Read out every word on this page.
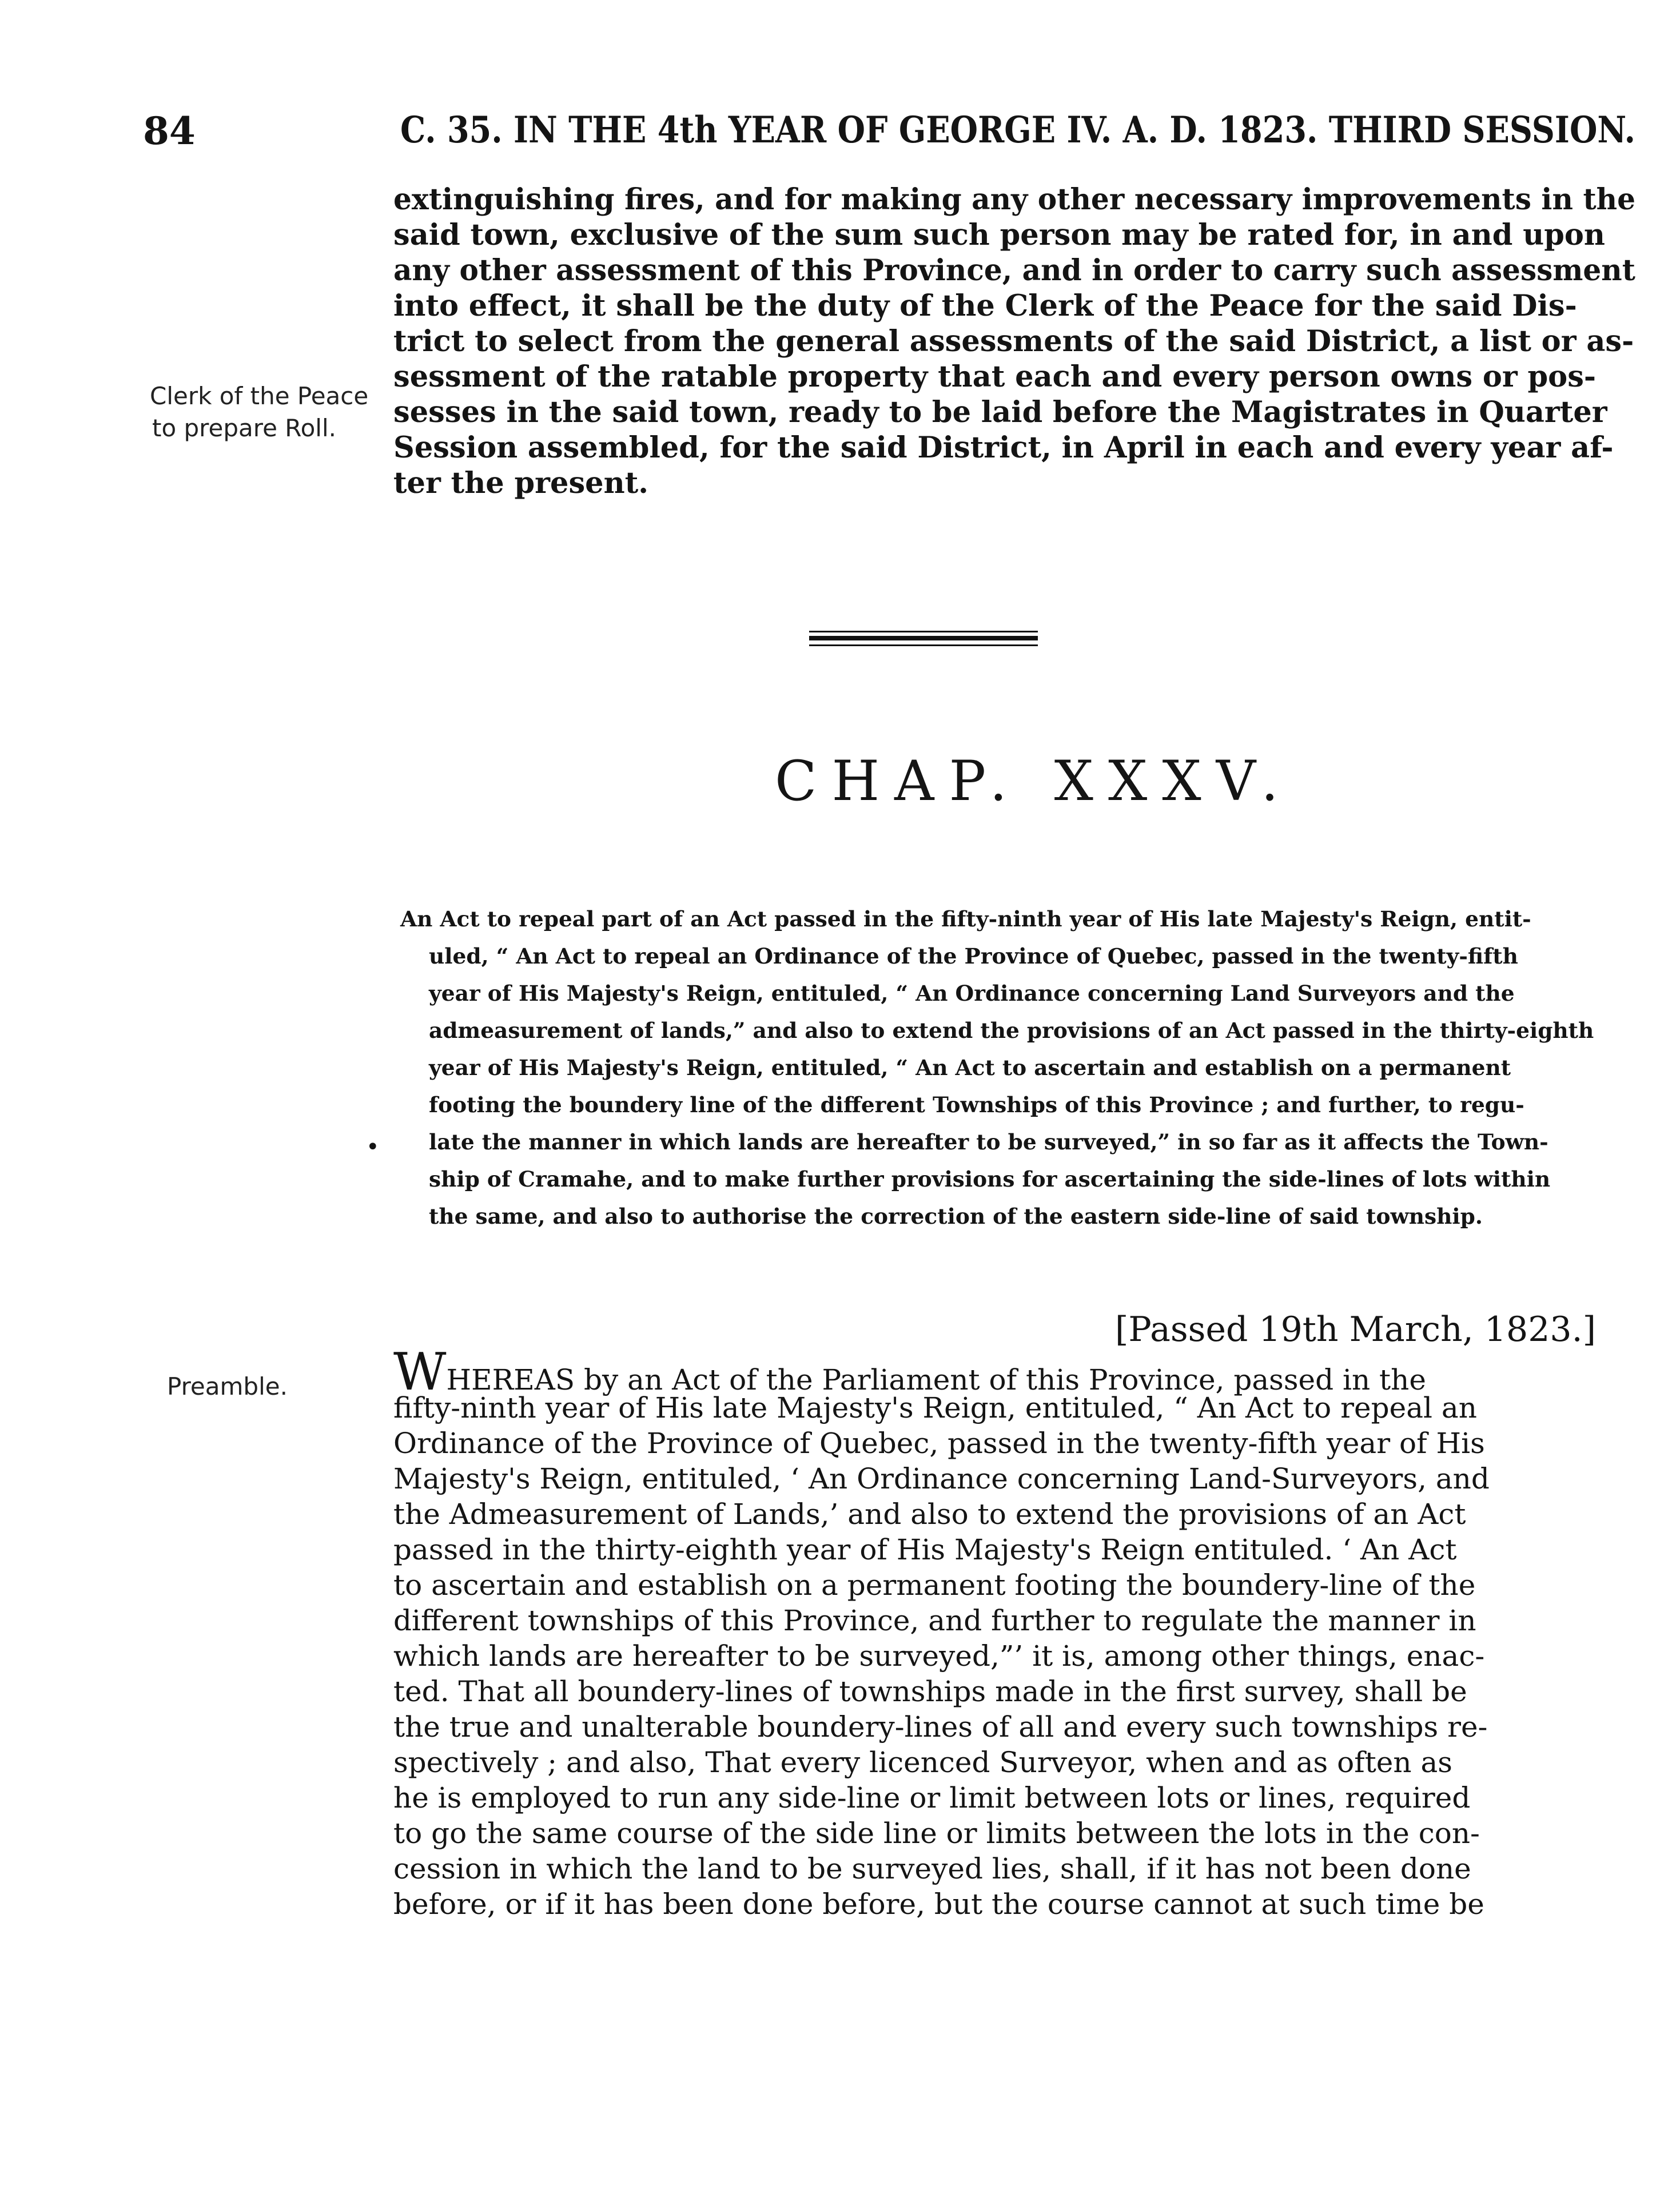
84	C. 35. IN THE 4th YEAR OF GEORGE IV. A. D. 1823. THIRD SESSION.
Clerk of the Peace
to prepare Roll.
Preamble.
extinguishing fires, and for making any other necessary improvements in the
said town, exclusive of the sum such person may be rated for, in and upon
any other assessment of this Province, and in order to carry such assessment
into effect, it shall be the duty of the Clerk of the Peace for the said Dis-
trict to select from the general assessments of the said District, a list or as-
sessment of the ratable property that each and every person owns or pos-
sesses in the said town, ready to be laid before the Magistrates in Quarter
Session assembled, for the said District, in April in each and every year af-
ter the present.
CHAP. XXXV.
An Act to repeal part of an Act passed in the fifty-ninth year of His late Majesty's Reign, entit-
uled, “ An Act to repeal an Ordinance of the Province of Quebec, passed in the twenty-fifth
year of His Majesty's Reign, entituled, “ An Ordinance concerning Land Surveyors and the
admeasurement of lands,” and also to extend the provisions of an Act passed in the thirty-eighth
year of His Majesty's Reign, entituled, “ An Act to ascertain and establish on a permanent
footing the boundery line of the different Townships of this Province ; and further, to regu-
late the manner in which lands are hereafter to be surveyed,” in so far as it affects the Town-
ship of Cramahe, and to make further provisions for ascertaining the side-lines of lots within
the same, and also to authorise the correction of the eastern side-line of said township.
•
[Passed 19th March, 1823.]
WHEREAS by an Act of the Parliament of this Province, passed in the
fifty-ninth year of His late Majesty's Reign, entituled, “ An Act to repeal an
Ordinance of the Province of Quebec, passed in the twenty-fifth year of His
Majesty's Reign, entituled, ‘ An Ordinance concerning Land-Surveyors, and
the Admeasurement of Lands,’ and also to extend the provisions of an Act
passed in the thirty-eighth year of His Majesty's Reign entituled. ‘ An Act
to ascertain and establish on a permanent footing the boundery-line of the
different townships of this Province, and further to regulate the manner in
which lands are hereafter to be surveyed,”’ it is, among other things, enac-
ted. That all boundery-lines of townships made in the first survey, shall be
the true and unalterable boundery-lines of all and every such townships re-
spectively ; and also, That every licenced Surveyor, when and as often as
he is employed to run any side-line or limit between lots or lines, required
to go the same course of the side line or limits between the lots in the con-
cession in which the land to be surveyed lies, shall, if it has not been done
before, or if it has been done before, but the course cannot at such time be
